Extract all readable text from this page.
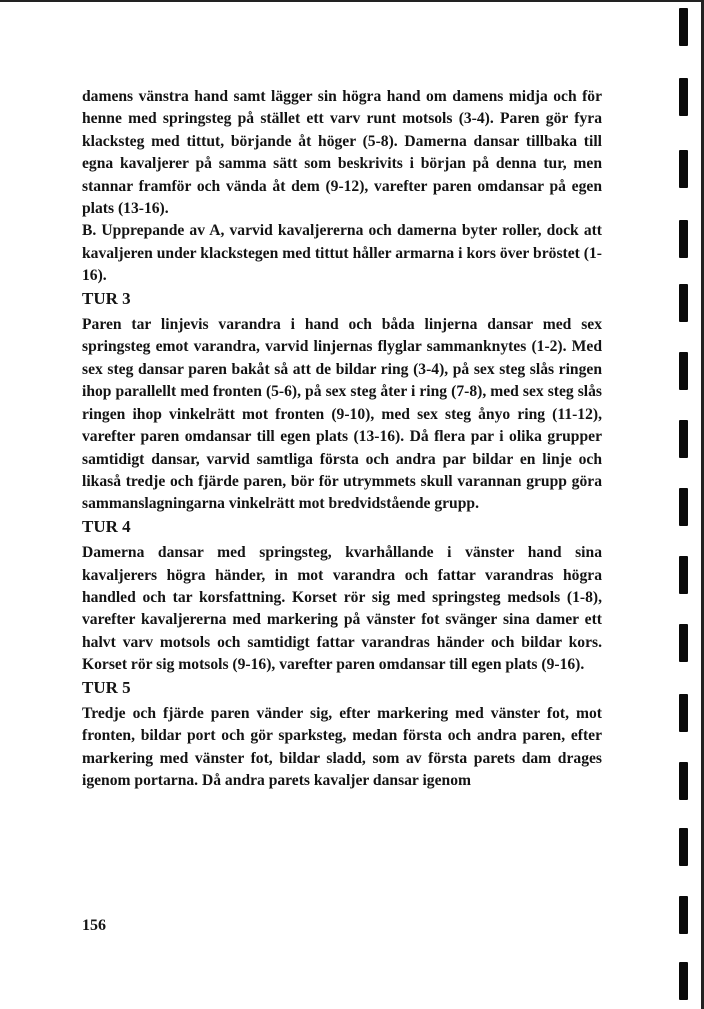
damens vänstra hand samt lägger sin högra hand om damens midja och för henne med springsteg på stället ett varv runt motsols (3-4). Paren gör fyra klacksteg med tittut, börjande åt höger (5-8). Damerna dansar tillbaka till egna kavaljerer på samma sätt som beskrivits i början på denna tur, men stannar framför och vända åt dem (9-12), varefter paren omdansar på egen plats (13-16).

B. Upprepande av A, varvid kavaljererna och damerna byter roller, dock att kavaljeren under klackstegen med tittut håller armarna i kors över bröstet (1-16).

TUR 3

Paren tar linjevis varandra i hand och båda linjerna dansar med sex springsteg emot varandra, varvid linjernas flyglar sammanknytes (1-2). Med sex steg dansar paren bakåt så att de bildar ring (3-4), på sex steg slås ringen ihop parallellt med fronten (5-6), på sex steg åter i ring (7-8), med sex steg slås ringen ihop vinkelrätt mot fronten (9-10), med sex steg ånyo ring (11-12), varefter paren omdansar till egen plats (13-16). Då flera par i olika grupper samtidigt dansar, varvid samtliga första och andra par bildar en linje och likaså tredje och fjärde paren, bör för utrymmets skull varannan grupp göra sammanslagningarna vinkelrätt mot bredvidstående grupp.

TUR 4

Damerna dansar med springsteg, kvarhållande i vänster hand sina kavaljerers högra händer, in mot varandra och fattar varandras högra handled och tar korsfattning. Korset rör sig med springsteg medsols (1-8), varefter kavaljererna med markering på vänster fot svänger sina damer ett halvt varv motsols och samtidigt fattar varandras händer och bildar kors. Korset rör sig motsols (9-16), varefter paren omdansar till egen plats (9-16).

TUR 5

Tredje och fjärde paren vänder sig, efter markering med vänster fot, mot fronten, bildar port och gör sparksteg, medan första och andra paren, efter markering med vänster fot, bildar sladd, som av första parets dam drages igenom portarna. Då andra parets kavaljer dansar igenom

156
